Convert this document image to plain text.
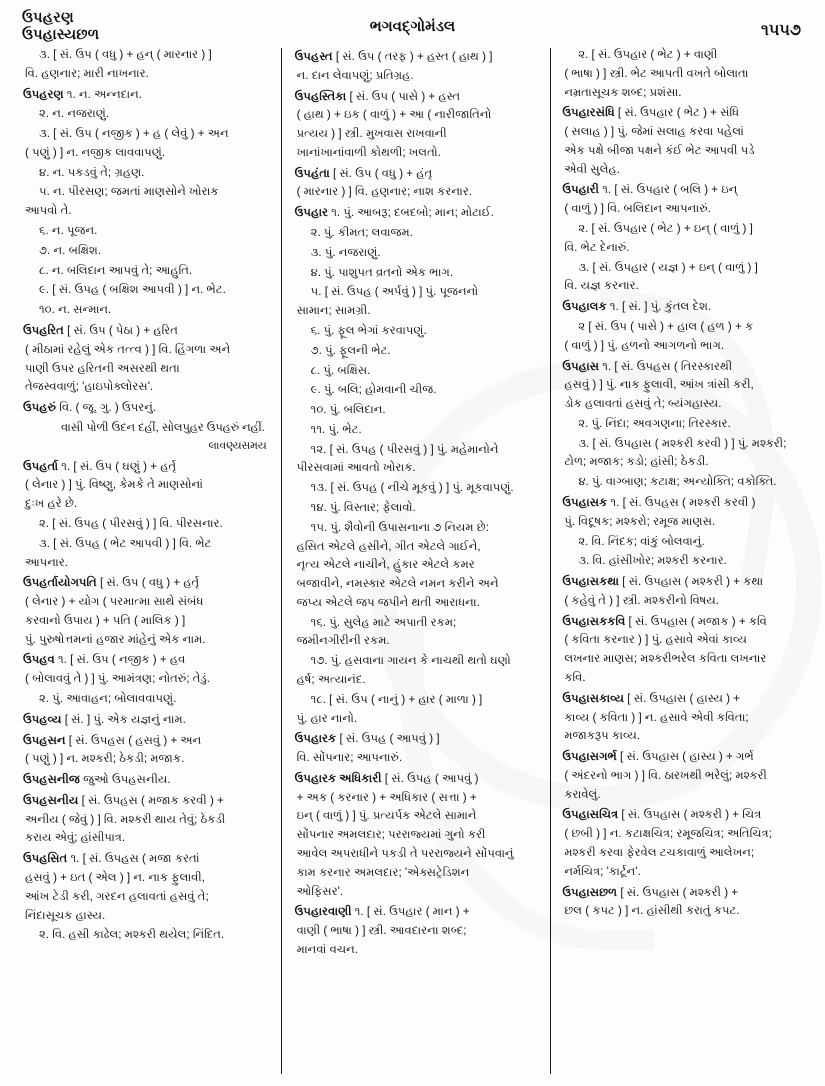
ઉપહરણ
ઉપહાસ્યછળ	ભગવદ્ગોમંડલ	૧૫૫૭

૩. [ સં. ઉપ ( વધુ ) + હન્ ( મારનાર ) ]

વિ. હણનાર; મારી નાખનાર.

ઉપહરણ ૧. ન. અન્નદાન.

૨. ન. નજરાણું.

૩. [ સં. ઉપ ( નજીક ) + હ ( લેવું ) + અન

( પણું ) ] ન. નજીક લાવવાપણું.

૪. ન. પકડવું તે; ગ્રહણ.

૫. ન. પીરસણ; જમતાં માણસોને ખોરાક

આપવો તે.

૬. ન. પૂજન.

૭. ન. બક્ષિશ.

૮. ન. બલિદાન આપવું તે; આહુતિ.

૯. [ સં. ઉપહ ( બક્ષિશ આપવી ) ] ન. ભેટ.

૧૦. ન. સન્માન.

ઉપહરિત [ સં. ઉપ ( પેઠા ) + હરિત

( મીઠામાં રહેલું એક તત્ત્વ ) ] વિ. હિંગળા અને

પાણી ઉપર હરિતની અસરથી થતા

તેજસ્વવાળું; 'હાઇપોક્લોરસ'.

ઉપહરું વિ. ( જૂ. ગુ. ) ઉપરનું.

વાસી પોળી ઉદન દહીં, સોલપુહર ઉપહરું નહીં.

લાવણ્યસમય

ઉપહર્તા ૧. [ સં. ઉપ ( ઘણું ) + હર્તૃ

( લેનાર ) ] પું. વિષ્ણુ, કેમકે તે માણસોનાં

દુઃખ હરે છે.

૨. [ સં. ઉપહ ( પીરસવું ) ] વિ. પીરસનાર.

૩. [ સં. ઉપહ ( ભેટ આપવી ) ] વિ. ભેટ

આપનાર.

ઉપહર્તાયોગપતિ [ સં. ઉપ ( વધુ ) + હર્તૃ

( લેનાર ) + યોગ ( પરમાત્મા સાથે સંબંધ

કરવાનો ઉપાય ) + પતિ ( માલિક ) ]

પું. પુરુષોત્તમનાં હજાર માંહેનું એક નામ.

ઉપહવ ૧. [ સં. ઉપ ( નજીક ) + હવ

( બોલાવવું તે ) ] પું. આમંત્રણ; નોતરું; તેડું.

૨. પું. આવાહન; બોલાવવાપણું.

ઉપહવ્ય [ સં. ] પું. એક યજ્ઞનું નામ.

ઉપહસન [ સં. ઉપહસ ( હસવું ) + અન

( પણું ) ] ન. મશ્કરી; ઠેકડી; મજાક.

ઉપહસનીજ જુઓ ઉપહસનીય.

ઉપહસનીય [ સં. ઉપહસ ( મજાક કરવી ) +

અનીય ( જેવું ) ] વિ. મશ્કરી થાય તેવું; ઠેકડી

કરાય એવું; હાંસીપાત્ર.

ઉપહસિત ૧. [ સં. ઉપહસ ( મજા કરતાં

હસવું ) + ઇત ( એલ ) ] ન. નાક ફુલાવી,

આંખ ટેડી કરી, ગરદન હલાવતાં હસવું તે;

નિંદાસૂચક હાસ્ય.

૨. વિ. હસી કાઢેલ; મશ્કરી થયેલ; નિંદિત.

ઉપહસ્ત [ સં. ઉપ ( તરફ ) + હસ્ત ( હાથ ) ]

ન. દાન લેવાપણું; પ્રતિગ્રહ.

ઉપહસ્તિકા [ સં. ઉપ ( પાસે ) + હસ્ત

( હાથ ) + ઇક ( વાળું ) + આ ( નારીજાતિનો

પ્રત્યય ) ] સ્ત્રી. મુખવાસ રાખવાની

ખાનાંખાનાંવાળી કોથળી; ખલતો.

ઉપહંતા [ સં. ઉપ ( વધુ ) + હંતૃ

( મારનાર ) ] વિ. હણનાર; નાશ કરનાર.

ઉપહાર ૧. પું. આબરૂ; દબદબો; માન; મોટાઈ.

૨. પું. કીમત; લવાજમ.

૩. પું. નજરાણું.

૪. પું. પાશુપત વ્રતનો એક ભાગ.

૫. [ સં. ઉપહ ( અર્પવું ) ] પું. પૂજનનો

સામાન; સામગ્રી.

૬. પું. ફૂલ ભેગાં કરવાપણું.

૭. પું. ફૂલની ભેટ.

૮. પું. બક્ષિસ.

૯. પું. બલિ; હોમવાની ચીજ.

૧૦. પું. બલિદાન.

૧૧. પું. ભેટ.

૧૨. [ સં. ઉપહ ( પીરસવું ) ] પું. મહેમાનોને

પીરસવામાં આવતો ખોરાક.

૧૩. [ સં. ઉપહ ( નીચે મૂકવું ) ] પું. મૂકવાપણું.

૧૪. પું. વિસ્તાર; ફેલાવો.

૧૫. પું. શૈવોની ઉપાસનાના ૭ નિયમ છે:

હસિત એટલે હસીને, ગીત એટલે ગાઈને,

નૃત્ય એટલે નાચીને, હુંકાર એટલે કમર

બજાવીને, નમસ્કાર એટલે નમન કરીને અને

જપ્ય એટલે જપ જપીને થતી આરાધના.

૧૬. પું. સુલેહ માટે અપાતી રકમ;

જમીનગીરીની રકમ.

૧૭. પું. હસવાના ગાયન કે નાચથી થતો ઘણો

હર્ષ; અત્યાનંદ.

૧૮. [ સં. ઉપ ( નાનું ) + હાર ( માળા ) ]

પું. હાર નાનો.

ઉપહારક [ સં. ઉપહ ( આપવું ) ]

વિ. સોંપનાર; આપનારું.

ઉપહારક અધિકારી [ સં. ઉપહ ( આપવું )

+ અક ( કરનાર ) + અધિકાર ( સત્તા ) +

ઇન્ ( વાળું ) ] પું. પ્રત્યર્પક એટલે સામાને

સોંપનાર અમલદાર; પરરાજ્યમાં ગુનો કરી

આવેલ અપરાધીને પકડી તે પરરાજ્યને સોંપવાનું

કામ કરનાર અમલદાર; 'એક્સટ્રેડિશન

ઓફિસર'.

ઉપહારવાણી ૧. [ સં. ઉપહાર ( માન ) +

વાણી ( ભાષા ) ] સ્ત્રી. આવદારના શબ્દ;

માનવાં વચન.

૨. [ સં. ઉપહાર ( ભેટ ) + વાણી

( ભાષા ) ] સ્ત્રી. ભેટ આપતી વખતે બોલાતા

નમ્રતાસૂચક શબ્દ; પ્રશંસા.

ઉપહારસંધિ [ સં. ઉપહાર ( ભેટ ) + સંધિ

( સલાહ ) ] પું. જેમાં સલાહ કરવા પહેલાં

એક પક્ષે બીજા પક્ષને કંઈ ભેટ આપવી પડે

એવી સુલેહ.

ઉપહારી ૧. [ સં. ઉપહાર ( બલિ ) + ઇન્

( વાળું ) ] વિ. બલિદાન આપનારું.

૨. [ સં. ઉપહાર ( ભેટ ) + ઇન્ ( વાળું ) ]

વિ. ભેટ દેનારું.

૩. [ સં. ઉપહાર ( યજ્ઞ ) + ઇન્ ( વાળું ) ]

વિ. યજ્ઞ કરનાર.

ઉપહાલક ૧. [ સં. ] પું. કુંતલ દેશ.

૨ [ સં. ઉપ ( પાસે ) + હાલ ( હળ ) + ક

( વાળું ) ] પું. હળનો આગળનો ભાગ.

ઉપહાસ ૧. [ સં. ઉપહસ ( તિરસ્કારથી

હસવું ) ] પું. નાક ફુલાવી, આંખ ત્રાંસી કરી,

ડોક હલાવતાં હસવું તે; બ્યંગહાસ્ય.

૨. પું. નિંદા; અવગણના; તિરસ્કાર.

૩. [ સં. ઉપહાસ ( મશ્કરી કરવી ) ] પું. મશ્કરી;

ટોળ; મજાક; કડો; હાંસી; ઠેકડી.

૪. પું. વાગ્બાણ; કટાક્ષ; અન્યોક્તિ; વકોક્તિ.

ઉપહાસક ૧. [ સં. ઉપહસ ( મશ્કરી કરવી )

પું. વિદૂષક; મશ્કરો; રમૂજ માણસ.

૨. વિ. નિંદક; વાંકું બોલવાનું.

૩. વિ. હાંસીખોર; મશ્કરી કરનાર.

ઉપહાસકથા [ સં. ઉપહાસ ( મશ્કરી ) + કથા

( કહેવું તે ) ] સ્ત્રી. મશ્કરીનો વિષય.

ઉપહાસકકવિ [ સં. ઉપહાસ ( મજાક ) + કવિ

( કવિતા કરનાર ) ] પું. હસાવે એવાં કાવ્ય

લખનાર માણસ; મશ્કરીભરેલ કવિતા લખનાર

કવિ.

ઉપહાસકાવ્ય [ સં. ઉપહાસ ( હાસ્ય ) +

કાવ્ય ( કવિતા ) ] ન. હસાવે એવી કવિતા;

મજાકરૂપ કાવ્ય.

ઉપહાસગર્ભ [ સં. ઉપહાસ ( હાસ્ય ) + ગર્ભ

( અંદરનો ભાગ ) ] વિ. ઠારખથી ભરેલું; મશ્કરી

કરાવેલું.

ઉપહાસચિત્ર [ સં. ઉપહાસ ( મશ્કરી ) + ચિત્ર

( છબી ) ] ન. કટાક્ષચિત્ર; રમૂજચિત્ર; અતિચિત્ર;

મશ્કરી કરવા ફેરવેલ ટચકાવાળું આલેખન;

નર્મચિત્ર; 'કાર્ટૂન'.

ઉપહાસછળ [ સં. ઉપહાસ ( મશ્કરી ) +

છલ ( કપટ ) ] ન. હાંસીથી કરાતું કપટ.
